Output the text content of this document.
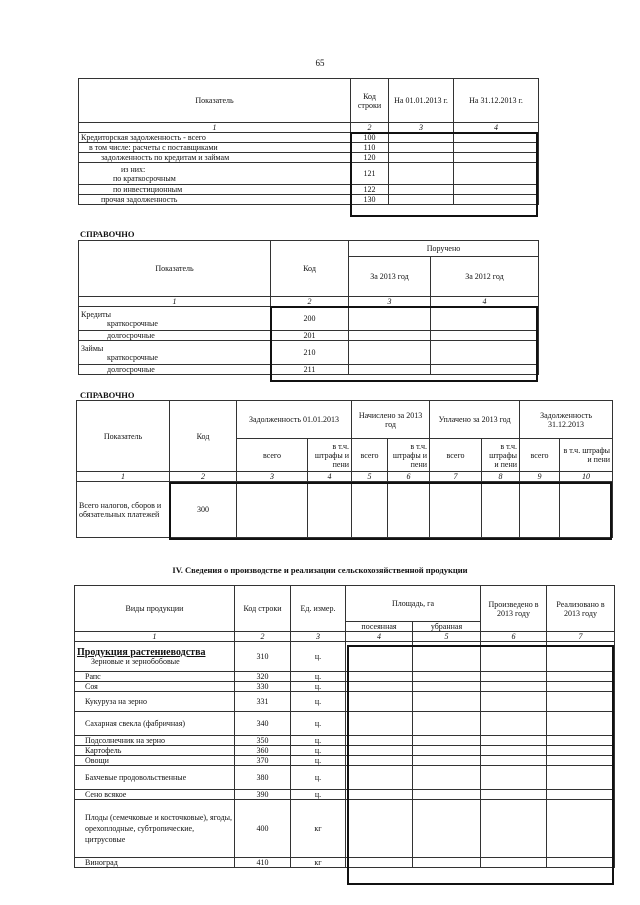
65
Показатель	Код строки	На 01.01.2013 г.	На 31.12.2013 г.
1	2	3	4
Кредиторская задолженность - всего	100		
в том числе: расчеты с поставщиками	110		
задолженность по кредитам и займам	120		

из них:
по краткосрочным	121		
по инвестиционным	122		
прочая задолженность	130		
СПРАВОЧНО
Показатель	Код	Поручено	
		За 2013 год	За 2012 год
1	2	3	4

Кредиты
краткосрочные	200		
долгосрочные	201		

Займы
краткосрочные	210		
долгосрочные	211		
СПРАВОЧНО
Показатель	Код	Задолженность 01.01.2013		Начислено за 2013 год		Уплачено за 2013 год		Задолженность 31.12.2013	
		всего	в т.ч. штрафы и пени	всего	в т.ч. штрафы и пени	всего	в т.ч. штрафы и пени	всего	в т.ч. штрафы и пени
1	2	3	4	5	6	7	8	9	10
Всего налогов, сборов и обязательных платежей	300								
IV. Сведения о производстве и реализации сельскохозяйственной продукции
Виды продукции	Код строки	Ед. измер.	Площадь, га		Произведено в 2013 году	Реализовано в 2013 году
			посеянная	убранная		
1	2	3	4	5	6	7

Продукция растениеводства
Зерновые и зернобобовые	310	ц.				
Рапс	320	ц.				
Соя	330	ц.				
Кукуруза на зерно	331	ц.				
Сахарная свекла (фабричная)	340	ц.				
Подсолнечник на зерно	350	ц.				
Картофель	360	ц.				
Овощи	370	ц.				
Бахчевые продовольственные	380	ц.				
Сено всякое	390	ц.				
Плоды (семечковые и косточковые), ягоды, орехоплодные, субтропические, цитрусовые	400	кг				
Виноград	410	кг				
